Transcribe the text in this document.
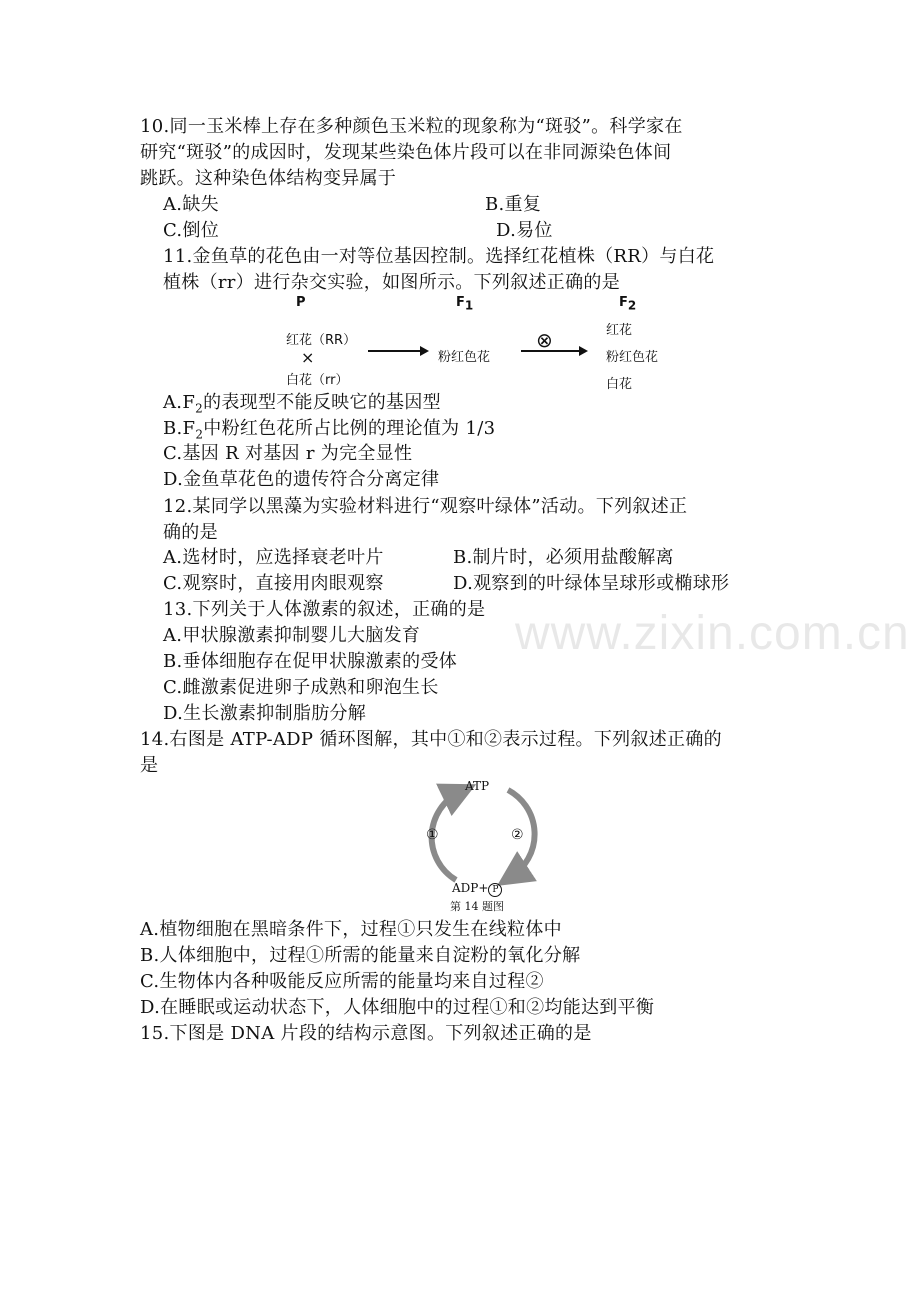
10.同一玉米棒上存在多种颜色玉米粒的现象称为“斑驳”。科学家在
研究“斑驳”的成因时，发现某些染色体片段可以在非同源染色体间
跳跃。这种染色体结构变异属于
A.缺失	B.重复
C.倒位	D.易位
11.金鱼草的花色由一对等位基因控制。选择红花植株（RR）与白花
植株（rr）进行杂交实验，如图所示。下列叙述正确的是
P	$F_1$	$F_2$
红花（RR）
×
白花（rr）
粉红色花
⊗	红花
粉红色花
白花
$A.F_2$的表现型不能反映它的基因型
$B.F_2$中粉红色花所占比例的理论值为 1/3
C.基因 R 对基因 r 为完全显性
D.金鱼草花色的遗传符合分离定律
12.某同学以黑藻为实验材料进行“观察叶绿体”活动。下列叙述正
确的是
A.选材时，应选择衰老叶片	B.制片时，必须用盐酸解离
C.观察时，直接用肉眼观察	D.观察到的叶绿体呈球形或椭球形
13.下列关于人体激素的叙述，正确的是
A.甲状腺激素抑制婴儿大脑发育
B.垂体细胞存在促甲状腺激素的受体
C.雌激素促进卵子成熟和卵泡生长
D.生长激素抑制脂肪分解
14.右图是 ATP-ADP 循环图解，其中①和②表示过程。下列叙述正确的
是
ATP
①	②
ADP+ P
第 14 题图
A.植物细胞在黑暗条件下，过程①只发生在线粒体中
B.人体细胞中，过程①所需的能量来自淀粉的氧化分解
C.生物体内各种吸能反应所需的能量均来自过程②
D.在睡眠或运动状态下，人体细胞中的过程①和②均能达到平衡
15.下图是 DNA 片段的结构示意图。下列叙述正确的是
www.zixin.com.cn
